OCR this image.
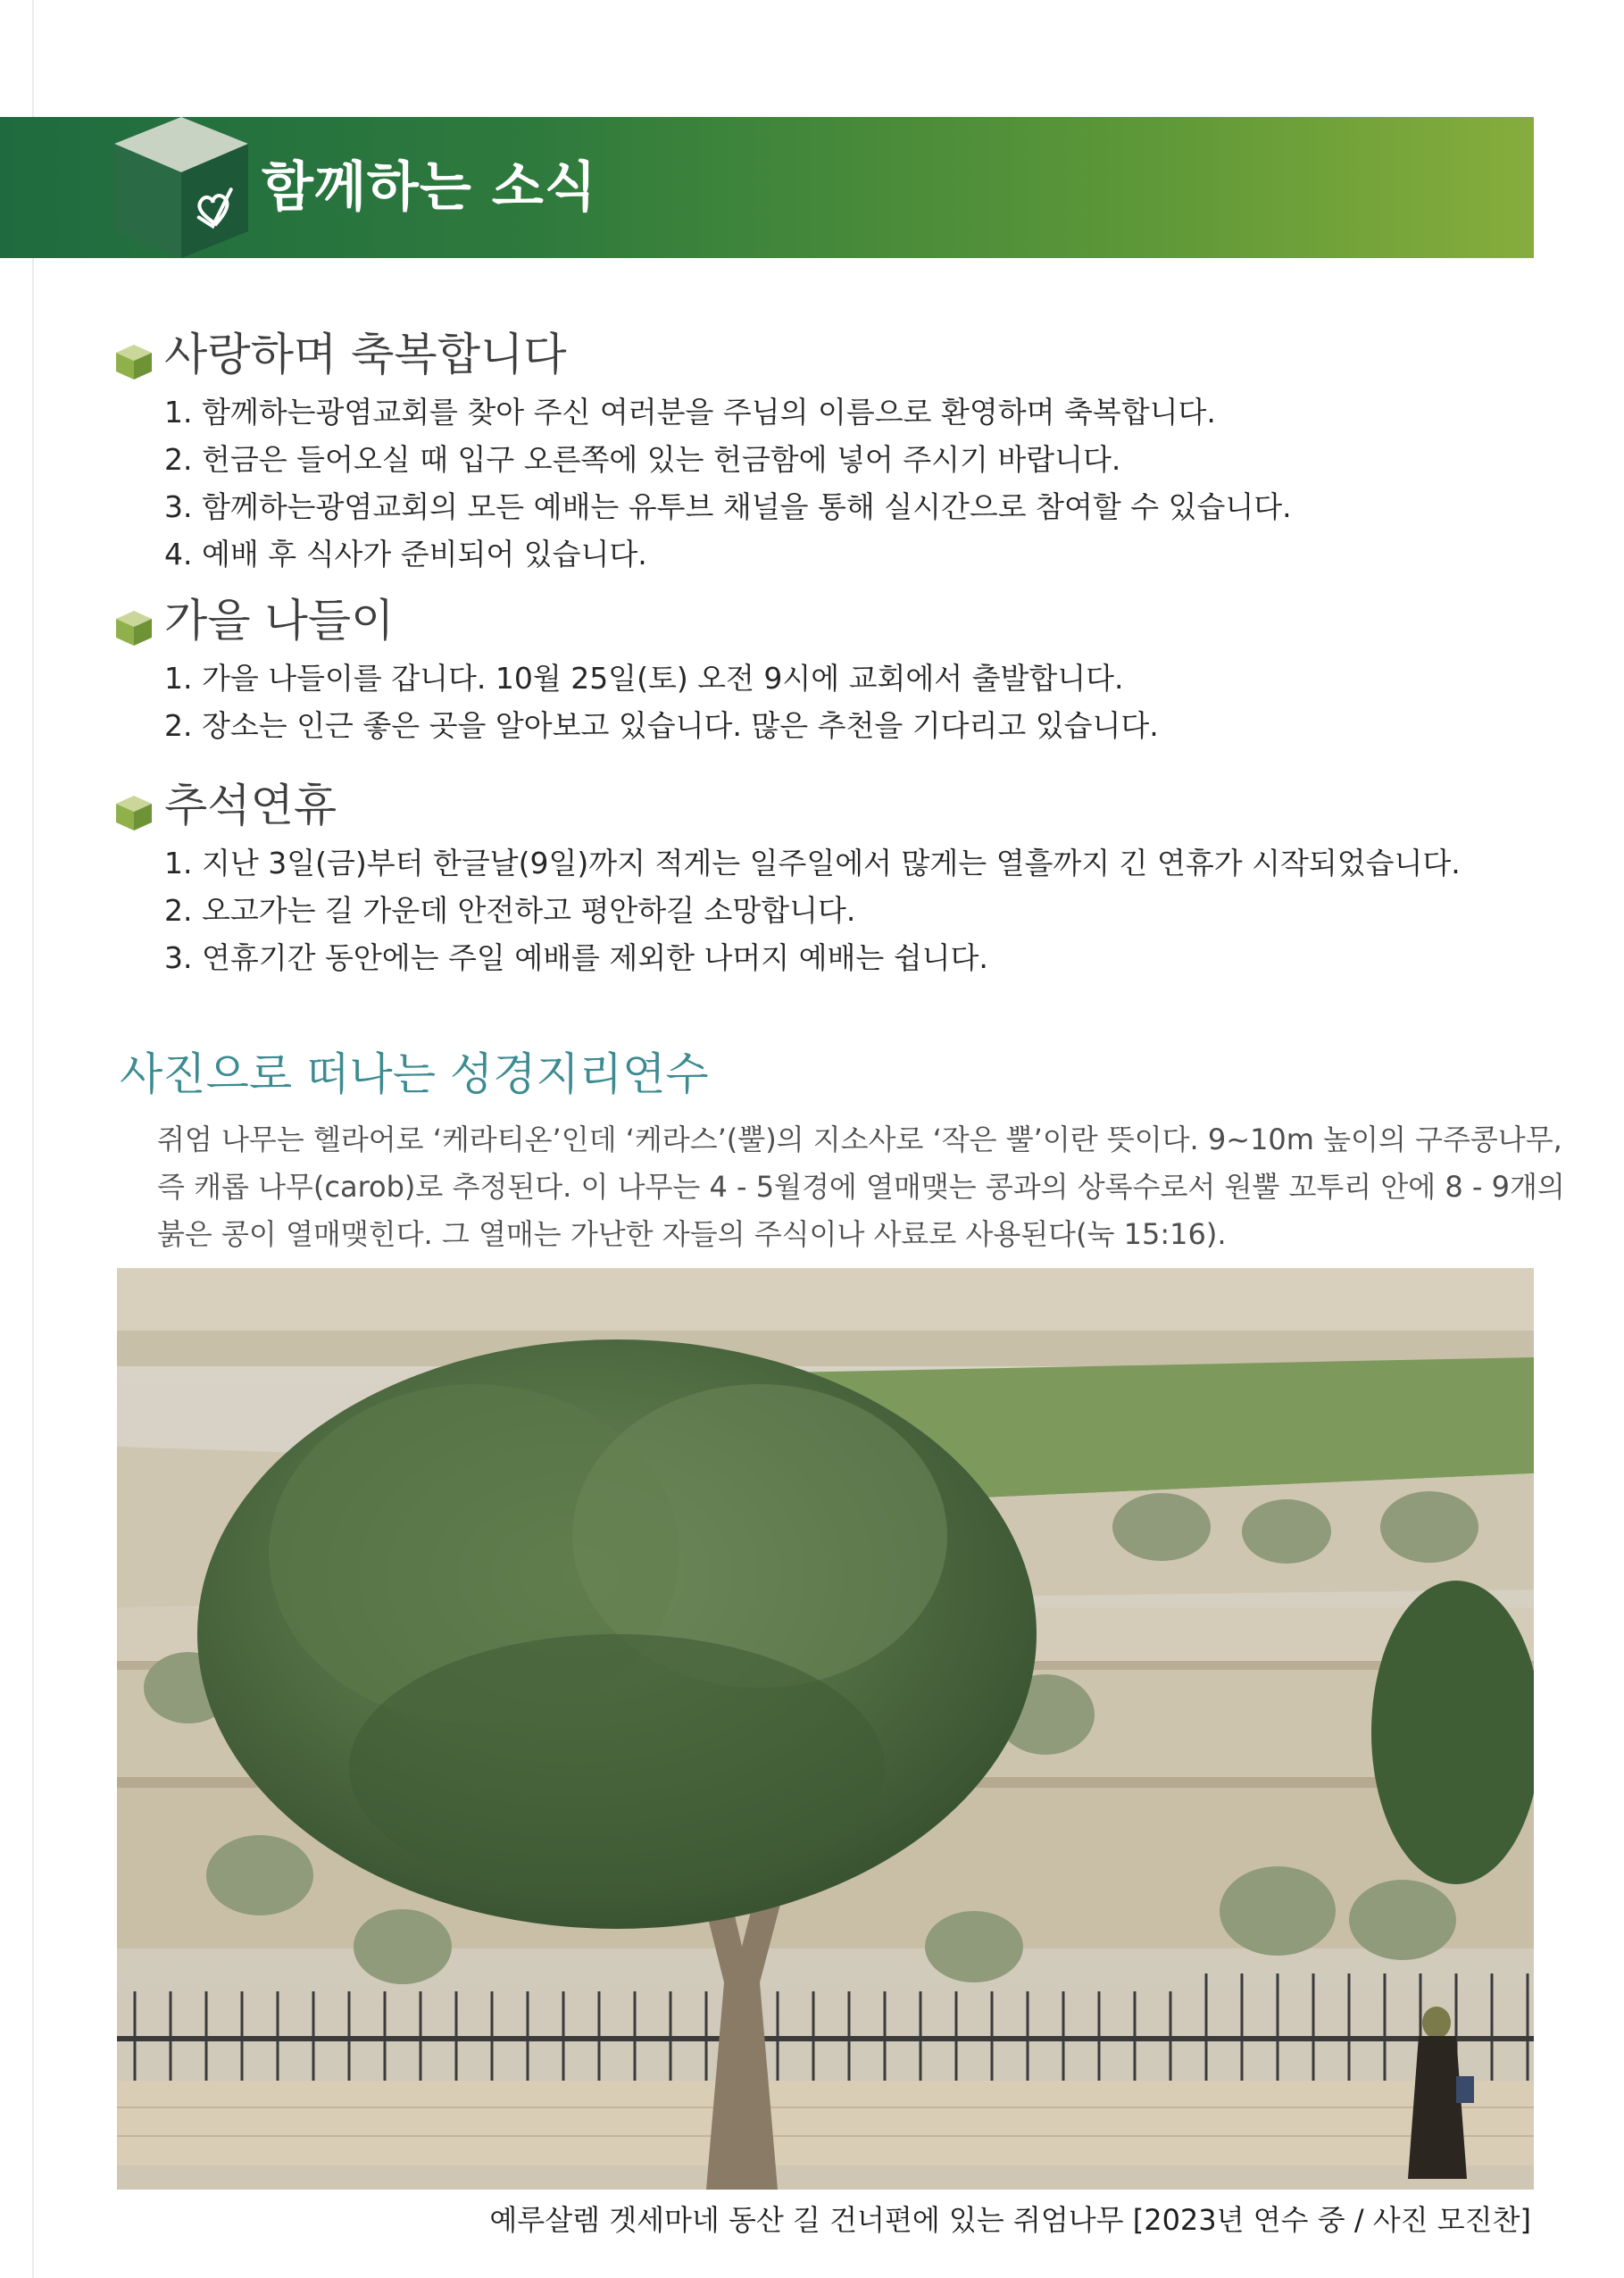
함께하는 소식
사랑하며 축복합니다
1. 함께하는광염교회를 찾아 주신 여러분을 주님의 이름으로 환영하며 축복합니다.
2. 헌금은 들어오실 때 입구 오른쪽에 있는 헌금함에 넣어 주시기 바랍니다.
3. 함께하는광염교회의 모든 예배는 유투브 채널을 통해 실시간으로 참여할 수 있습니다.
4. 예배 후 식사가 준비되어 있습니다.
가을 나들이
1. 가을 나들이를 갑니다. 10월 25일(토) 오전 9시에 교회에서 출발합니다.
2. 장소는 인근 좋은 곳을 알아보고 있습니다. 많은 추천을 기다리고 있습니다.
추석연휴
1. 지난 3일(금)부터 한글날(9일)까지 적게는 일주일에서 많게는 열흘까지 긴 연휴가 시작되었습니다.
2. 오고가는 길 가운데 안전하고 평안하길 소망합니다.
3. 연휴기간 동안에는 주일 예배를 제외한 나머지 예배는 쉽니다.
사진으로 떠나는 성경지리연수

쥐엄 나무는 헬라어로 ‘케라티온’인데 ‘케라스’(뿔)의 지소사로 ‘작은 뿔’이란 뜻이다. 9~10m 높이의 구주콩나무,

즉 캐롭 나무(carob)로 추정된다. 이 나무는 4 - 5월경에 열매맺는 콩과의 상록수로서 원뿔 꼬투리 안에 8 - 9개의

붉은 콩이 열매맺힌다. 그 열매는 가난한 자들의 주식이나 사료로 사용된다(눅 15:16).

예루살렘 겟세마네 동산 길 건너편에 있는 쥐엄나무 [2023년 연수 중 / 사진 모진찬]
